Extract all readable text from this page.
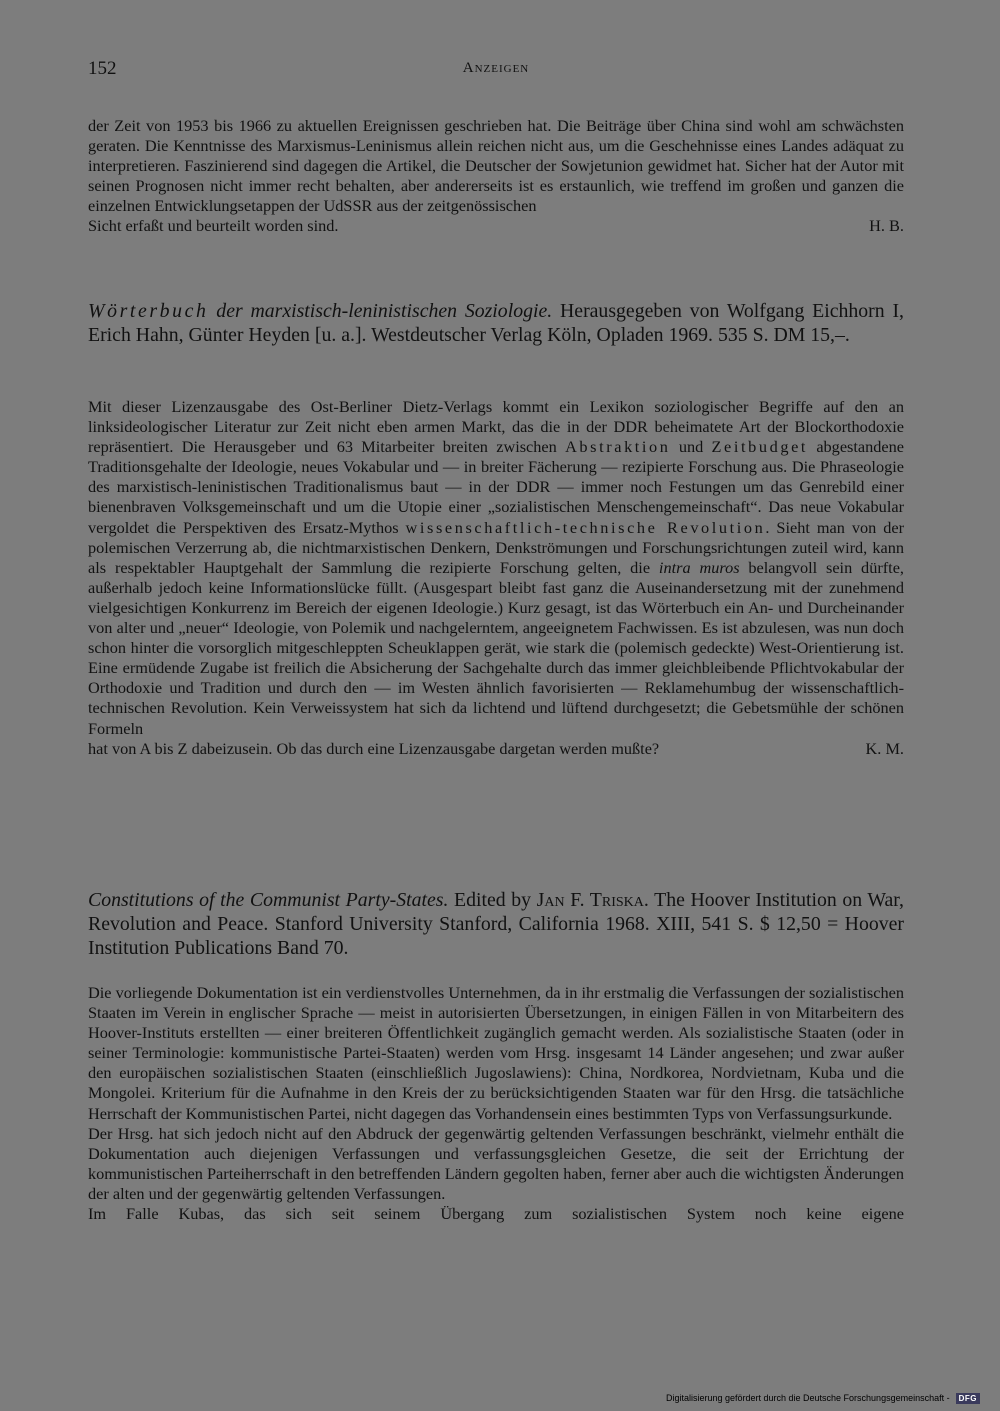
152	Anzeigen

der Zeit von 1953 bis 1966 zu aktuellen Ereignissen geschrieben hat. Die Beiträge über China sind wohl am schwächsten geraten. Die Kenntnisse des Marxismus-Leninismus allein reichen nicht aus, um die Geschehnisse eines Landes adäquat zu interpretieren. Faszinierend sind dagegen die Artikel, die Deutscher der Sowjetunion gewidmet hat. Sicher hat der Autor mit seinen Prognosen nicht immer recht behalten, aber andererseits ist es erstaunlich, wie treffend im großen und ganzen die einzelnen Entwicklungsetappen der UdSSR aus der zeitgenössischen

Sicht erfaßt und beurteilt worden sind.	H. B.

Wörterbuch der marxistisch-leninistischen Soziologie. Herausgegeben von Wolfgang Eichhorn I, Erich Hahn, Günter Heyden [u. a.]. Westdeutscher Verlag Köln, Opladen 1969. 535 S. DM 15,–.

Mit dieser Lizenzausgabe des Ost-Berliner Dietz-Verlags kommt ein Lexikon soziologischer Begriffe auf den an linksideologischer Literatur zur Zeit nicht eben armen Markt, das die in der DDR beheimatete Art der Blockorthodoxie repräsentiert. Die Herausgeber und 63 Mitarbeiter breiten zwischen Abstraktion und Zeitbudget abgestandene Traditionsgehalte der Ideologie, neues Vokabular und — in breiter Fächerung — rezipierte Forschung aus. Die Phraseologie des marxistisch-leninistischen Traditionalismus baut — in der DDR — immer noch Festungen um das Genrebild einer bienenbraven Volksgemeinschaft und um die Utopie einer „sozialistischen Menschengemeinschaft“. Das neue Vokabular vergoldet die Perspektiven des Ersatz-Mythos wissenschaftlich-technische Revolution. Sieht man von der polemischen Verzerrung ab, die nichtmarxistischen Denkern, Denkströmungen und Forschungsrichtungen zuteil wird, kann als respektabler Hauptgehalt der Sammlung die rezipierte Forschung gelten, die intra muros belangvoll sein dürfte, außerhalb jedoch keine Informationslücke füllt. (Ausgespart bleibt fast ganz die Auseinandersetzung mit der zunehmend vielgesichtigen Konkurrenz im Bereich der eigenen Ideologie.) Kurz gesagt, ist das Wörterbuch ein An- und Durcheinander von alter und „neuer“ Ideologie, von Polemik und nachgelerntem, angeeignetem Fachwissen. Es ist abzulesen, was nun doch schon hinter die vorsorglich mitgeschleppten Scheuklappen gerät, wie stark die (polemisch gedeckte) West-Orientierung ist. Eine ermüdende Zugabe ist freilich die Absicherung der Sachgehalte durch das immer gleichbleibende Pflichtvokabular der Orthodoxie und Tradition und durch den — im Westen ähnlich favorisierten — Reklamehumbug der wissenschaftlich-technischen Revolution. Kein Verweissystem hat sich da lichtend und lüftend durchgesetzt; die Gebetsmühle der schönen Formeln

hat von A bis Z dabeizusein. Ob das durch eine Lizenzausgabe dargetan werden mußte?	K. M.

Constitutions of the Communist Party-States. Edited by Jan F. Triska. The Hoover Institution on War, Revolution and Peace. Stanford University Stanford, California 1968. XIII, 541 S. $ 12,50 = Hoover Institution Publications Band 70.

Die vorliegende Dokumentation ist ein verdienstvolles Unternehmen, da in ihr erstmalig die Verfassungen der sozialistischen Staaten im Verein in englischer Sprache — meist in autorisierten Übersetzungen, in einigen Fällen in von Mitarbeitern des Hoover-Instituts erstellten — einer breiteren Öffentlichkeit zugänglich gemacht werden. Als sozialistische Staaten (oder in seiner Terminologie: kommunistische Partei-Staaten) werden vom Hrsg. insgesamt 14 Länder angesehen; und zwar außer den europäischen sozialistischen Staaten (einschließlich Jugoslawiens): China, Nordkorea, Nordvietnam, Kuba und die Mongolei. Kriterium für die Aufnahme in den Kreis der zu berücksichtigenden Staaten war für den Hrsg. die tatsächliche Herrschaft der Kommunistischen Partei, nicht dagegen das Vorhandensein eines bestimmten Typs von Verfassungsurkunde.

Der Hrsg. hat sich jedoch nicht auf den Abdruck der gegenwärtig geltenden Verfassungen beschränkt, vielmehr enthält die Dokumentation auch diejenigen Verfassungen und verfassungsgleichen Gesetze, die seit der Errichtung der kommunistischen Parteiherrschaft in den betreffenden Ländern gegolten haben, ferner aber auch die wichtigsten Änderungen der alten und der gegenwärtig geltenden Verfassungen.

Im Falle Kubas, das sich seit seinem Übergang zum sozialistischen System noch keine eigene

Digitalisierung gefördert durch die Deutsche Forschungsgemeinschaft -	DFG
